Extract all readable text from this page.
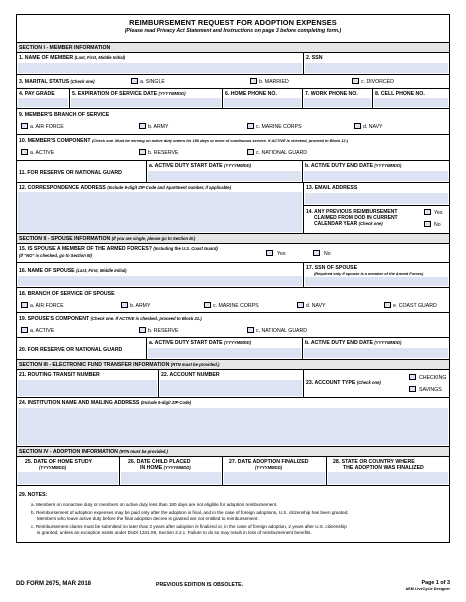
REIMBURSEMENT REQUEST FOR ADOPTION EXPENSES
(Please read Privacy Act Statement and Instructions on page 3 before completing form.)
SECTION I - MEMBER INFORMATION
1. NAME OF MEMBER (Last, First, Middle Initial)	2. SSN
3. MARITAL STATUS (Check one)	a. SINGLE	b. MARRIED	c. DIVORCED
4. PAY GRADE	5. EXPIRATION OF SERVICE DATE (YYYYMMDD)	6. HOME PHONE NO.	7. WORK PHONE NO.	8. CELL PHONE NO.
9. MEMBER'S BRANCH OF SERVICE
a. AIR FORCE	b. ARMY	c. MARINE CORPS	d. NAVY
10. MEMBER'S COMPONENT (Check one. Must be serving on active duty orders for 180 days or more of continuous service. If ACTIVE is checked, proceed to Block 12.)
a. ACTIVE	b. RESERVE	c. NATIONAL GUARD
11. FOR RESERVE OR NATIONAL GUARD
a. ACTIVE DUTY START DATE (YYYYMMDD)	b. ACTIVE DUTY END DATE (YYYYMMDD)
12. CORRESPONDENCE ADDRESS (Include 9-digit ZIP Code and Apartment number, if applicable)	13. EMAIL ADDRESS
14. ANY PREVIOUS REIMBURSEMENT
CLAIMED FROM DOD IN CURRENT
CALENDAR YEAR (Check one)
Yes
No
SECTION II - SPOUSE INFORMATION (If you are single, please go to Section III.)
15. IS SPOUSE A MEMBER OF THE ARMED FORCES? (Including the U.S. Coast Guard)
(If "NO" is checked, go to Section III)	Yes	No
16. NAME OF SPOUSE (Last, First, Middle Initial)	17. SSN OF SPOUSE
(Required only if spouse is a member of the Armed Forces)
18. BRANCH OF SERVICE OF SPOUSE
a. AIR FORCE	b. ARMY	c. MARINE CORPS	d. NAVY	e. COAST GUARD
19. SPOUSE'S COMPONENT (Check one. If ACTIVE is checked, proceed to Block 21.)
a. ACTIVE	b. RESERVE	c. NATIONAL GUARD
20. FOR RESERVE OR NATIONAL GUARD
a. ACTIVE DUTY START DATE (YYYYMMDD)	b. ACTIVE DUTY END DATE (YYYYMMDD)
SECTION III - ELECTRONIC FUND TRANSFER INFORMATION (RTN must be provided.)
21. ROUTING TRANSIT NUMBER	22. ACCOUNT NUMBER
23. ACCOUNT TYPE (Check one)
CHECKING
SAVINGS
24. INSTITUTION NAME AND MAILING ADDRESS (Include 9-digit ZIP Code)
SECTION IV - ADOPTION INFORMATION (RTN must be provided.)
25. DATE OF HOME STUDY
(YYYYMMDD)
26. DATE CHILD PLACED
IN HOME (YYYYMMDD)
27. DATE ADOPTION FINALIZED
(YYYYMMDD)
28. STATE OR COUNTRY WHERE
THE ADOPTION WAS FINALIZED
29. NOTES:
a. Members on nonactive duty or members on active duty less than 180 days are not eligible for adoption reimbursement.
b. Reimbursement of adoption expenses may be paid only after the adoption is final, and in the case of foreign adoptions, U.S. citizenship has been granted.
Members who leave active duty before the final adoption decree is granted are not entitled to reimbursement.
c. Reimbursement claims must be submitted no later than 2 years after adoption is finalized or, in the case of foreign adoption, 2 years after U.S. citizenship
is granted, unless an exception exists under DoDI 1341.09, Section 3.2.c. Failure to do so may result in loss of reimbursement benefits.
DD FORM 2675, MAR 2018	PREVIOUS EDITION IS OBSOLETE.	Page 1 of 3
AEM LiveCycle Designer
